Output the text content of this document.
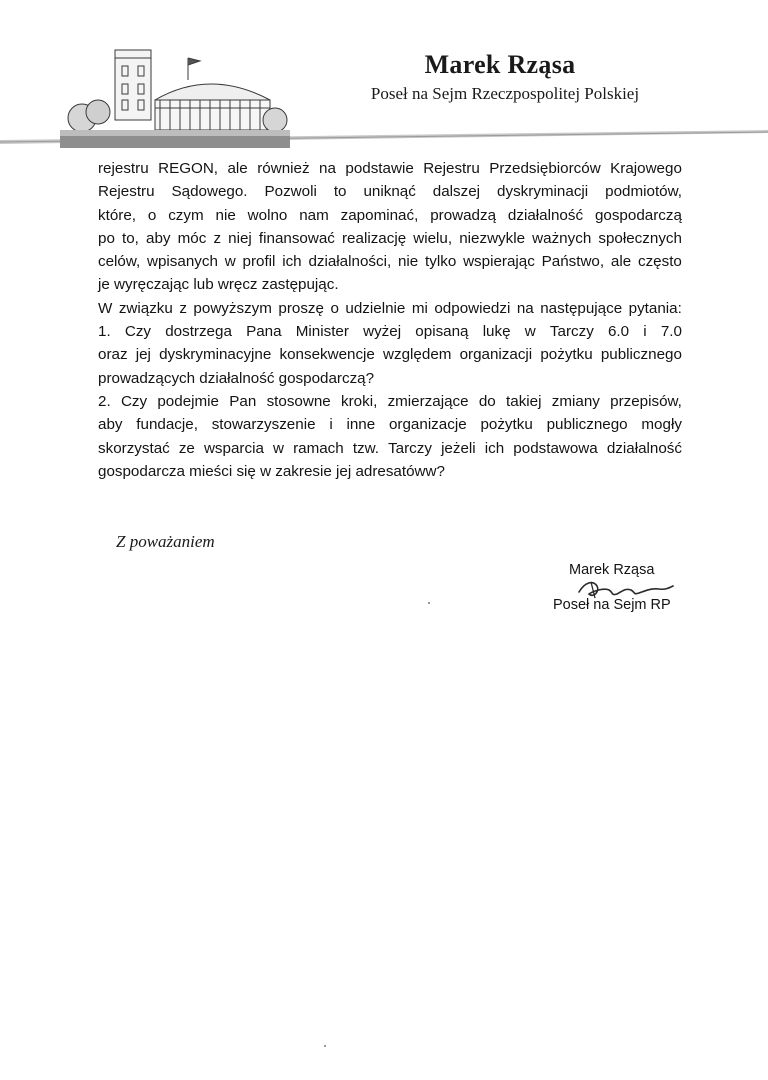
Marek Rząsa
Poseł na Sejm Rzeczpospolitej Polskiej
rejestru REGON, ale również na podstawie Rejestru Przedsiębiorców Krajowego
Rejestru Sądowego. Pozwoli to uniknąć dalszej dyskryminacji podmiotów,
które, o czym nie wolno nam zapominać, prowadzą działalność gospodarczą
po to, aby móc z niej finansować realizację wielu, niezwykle ważnych społecznych
celów, wpisanych w profil ich działalności, nie tylko wspierając Państwo, ale często
je wyręczając lub wręcz zastępując.
W związku z powyższym proszę o udzielnie mi odpowiedzi na następujące pytania:
1. Czy dostrzega Pana Minister wyżej opisaną lukę w Tarczy 6.0 i 7.0
oraz jej dyskryminacyjne konsekwencje względem organizacji pożytku publicznego
prowadzących działalność gospodarczą?
2. Czy podejmie Pan stosowne kroki, zmierzające do takiej zmiany przepisów,
aby fundacje, stowarzyszenie i inne organizacje pożytku publicznego mogły
skorzystać ze wsparcia w ramach tzw. Tarczy jeżeli ich podstawowa działalność
gospodarcza mieści się w zakresie jej adresatóww?
Z poważaniem
Marek Rząsa
Poseł na Sejm RP
